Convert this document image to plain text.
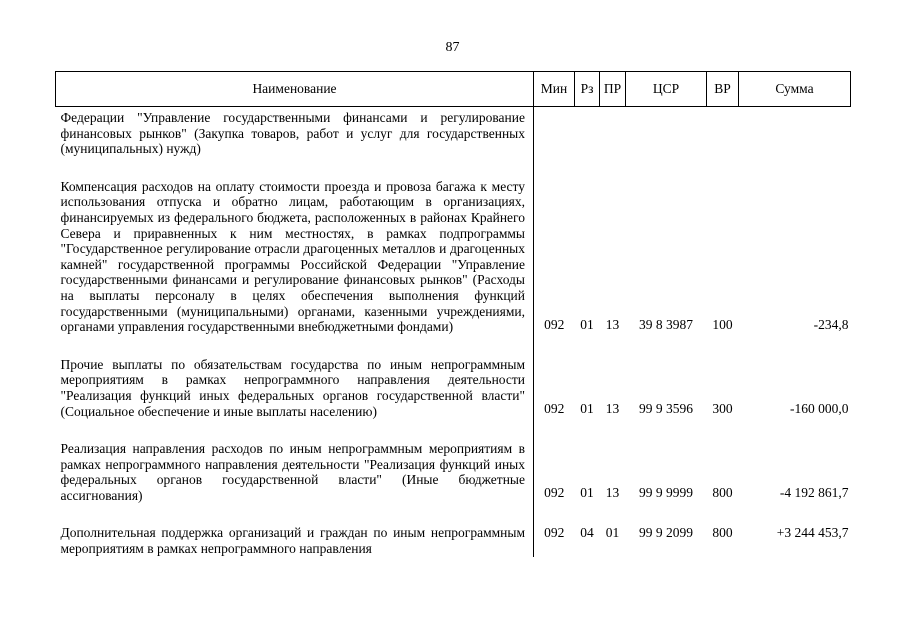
87
Наименование	Мин	Рз	ПР	ЦСР	ВР	Сумма
Федерации "Управление государственными финансами и регулирование финансовых рынков" (Закупка товаров, работ и услуг для государственных (муниципальных) нужд)						

Компенсация расходов на оплату стоимости проезда и провоза багажа к месту использования отпуска и обратно лицам, работающим в организациях, финансируемых из федерального бюджета, расположенных в районах Крайнего Севера и приравненных к ним местностях, в рамках подпрограммы "Государственное регулирование отрасли драгоценных металлов и драгоценных камней" государственной программы Российской Федерации "Управление государственными финансами и регулирование финансовых рынков" (Расходы на выплаты персоналу в целях обеспечения выполнения функций государственными (муниципальными) органами, казенными учреждениями, органами управления государственными внебюджетными фондами)	092	01	13	39 8 3987	100	-234,8

Прочие выплаты по обязательствам государства по иным непрограммным мероприятиям в рамках непрограммного направления деятельности "Реализация функций иных федеральных органов государственной власти" (Социальное обеспечение и иные выплаты населению)	092	01	13	99 9 3596	300	-160 000,0

Реализация направления расходов по иным непрограммным мероприятиям в рамках непрограммного направления деятельности "Реализация функций иных федеральных органов государственной власти" (Иные бюджетные ассигнования)	092	01	13	99 9 9999	800	-4 192 861,7

Дополнительная поддержка организаций и граждан по иным непрограммным мероприятиям в рамках непрограммного направления	092	04	01	99 9 2099	800	+3 244 453,7
